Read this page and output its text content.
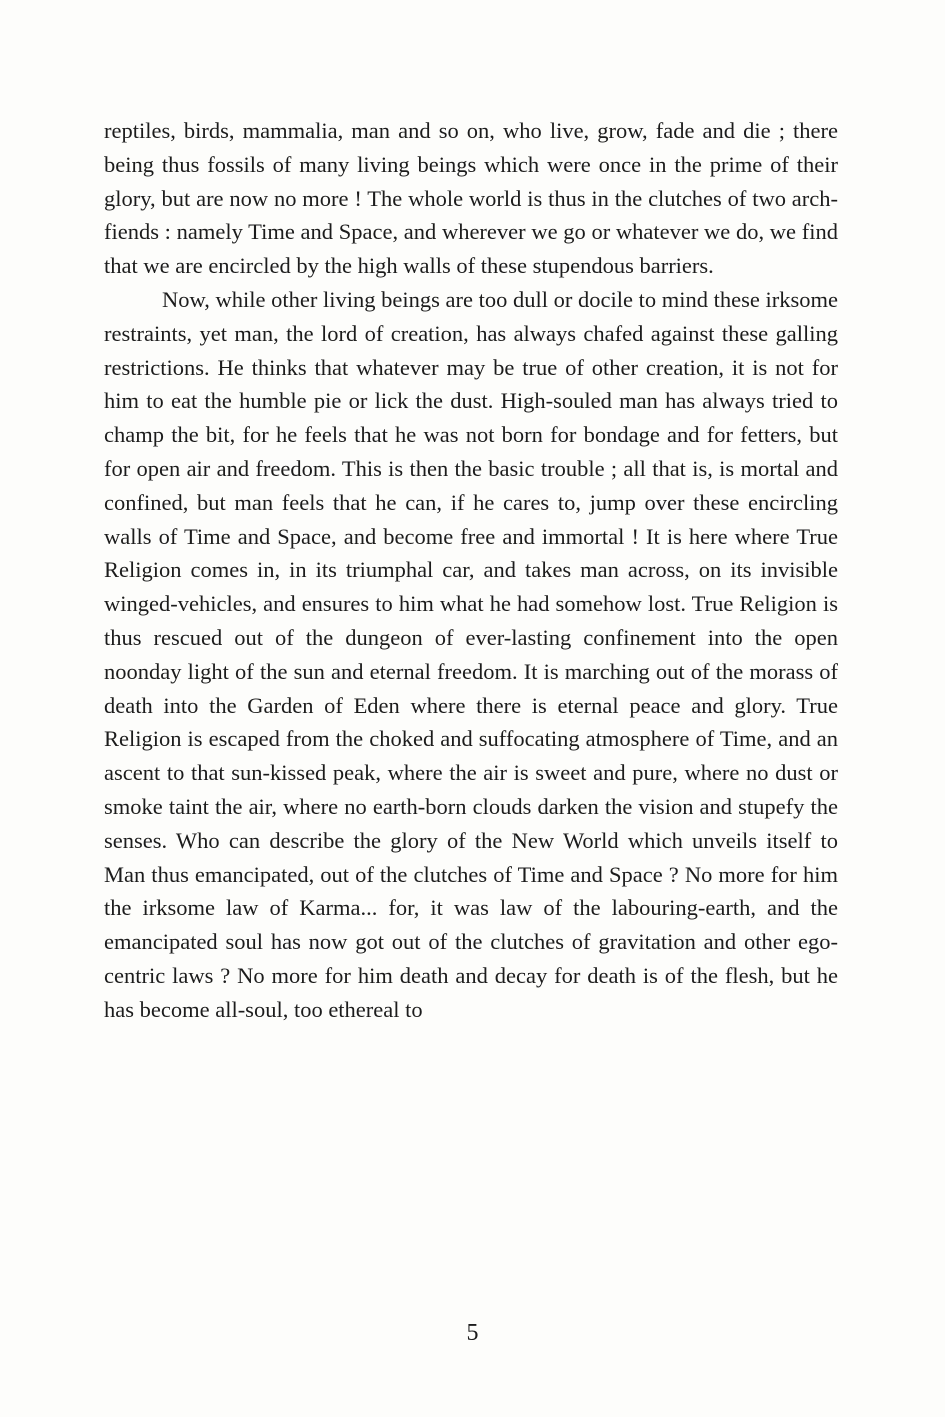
reptiles, birds, mammalia, man and so on, who live, grow, fade and die ; there being thus fossils of many living beings which were once in the prime of their glory, but are now no more ! The whole world is thus in the clutches of two arch-fiends : namely Time and Space, and wherever we go or whatever we do, we find that we are encircled by the high walls of these stupendous barriers.

Now, while other living beings are too dull or docile to mind these irksome restraints, yet man, the lord of creation, has always chafed against these galling restrictions. He thinks that whatever may be true of other creation, it is not for him to eat the humble pie or lick the dust. High-souled man has always tried to champ the bit, for he feels that he was not born for bondage and for fetters, but for open air and freedom. This is then the basic trouble ; all that is, is mortal and confined, but man feels that he can, if he cares to, jump over these encircling walls of Time and Space, and become free and immortal ! It is here where True Religion comes in, in its triumphal car, and takes man across, on its invisible winged-vehicles, and ensures to him what he had somehow lost. True Religion is thus rescued out of the dungeon of ever-lasting confinement into the open noonday light of the sun and eternal freedom. It is marching out of the morass of death into the Garden of Eden where there is eternal peace and glory. True Religion is escaped from the choked and suffocating atmosphere of Time, and an ascent to that sun-kissed peak, where the air is sweet and pure, where no dust or smoke taint the air, where no earth-born clouds darken the vision and stupefy the senses. Who can describe the glory of the New World which unveils itself to Man thus emancipated, out of the clutches of Time and Space ? No more for him the irksome law of Karma... for, it was law of the labouring-earth, and the emancipated soul has now got out of the clutches of gravitation and other ego-centric laws ? No more for him death and decay for death is of the flesh, but he has become all-soul, too ethereal to

5
